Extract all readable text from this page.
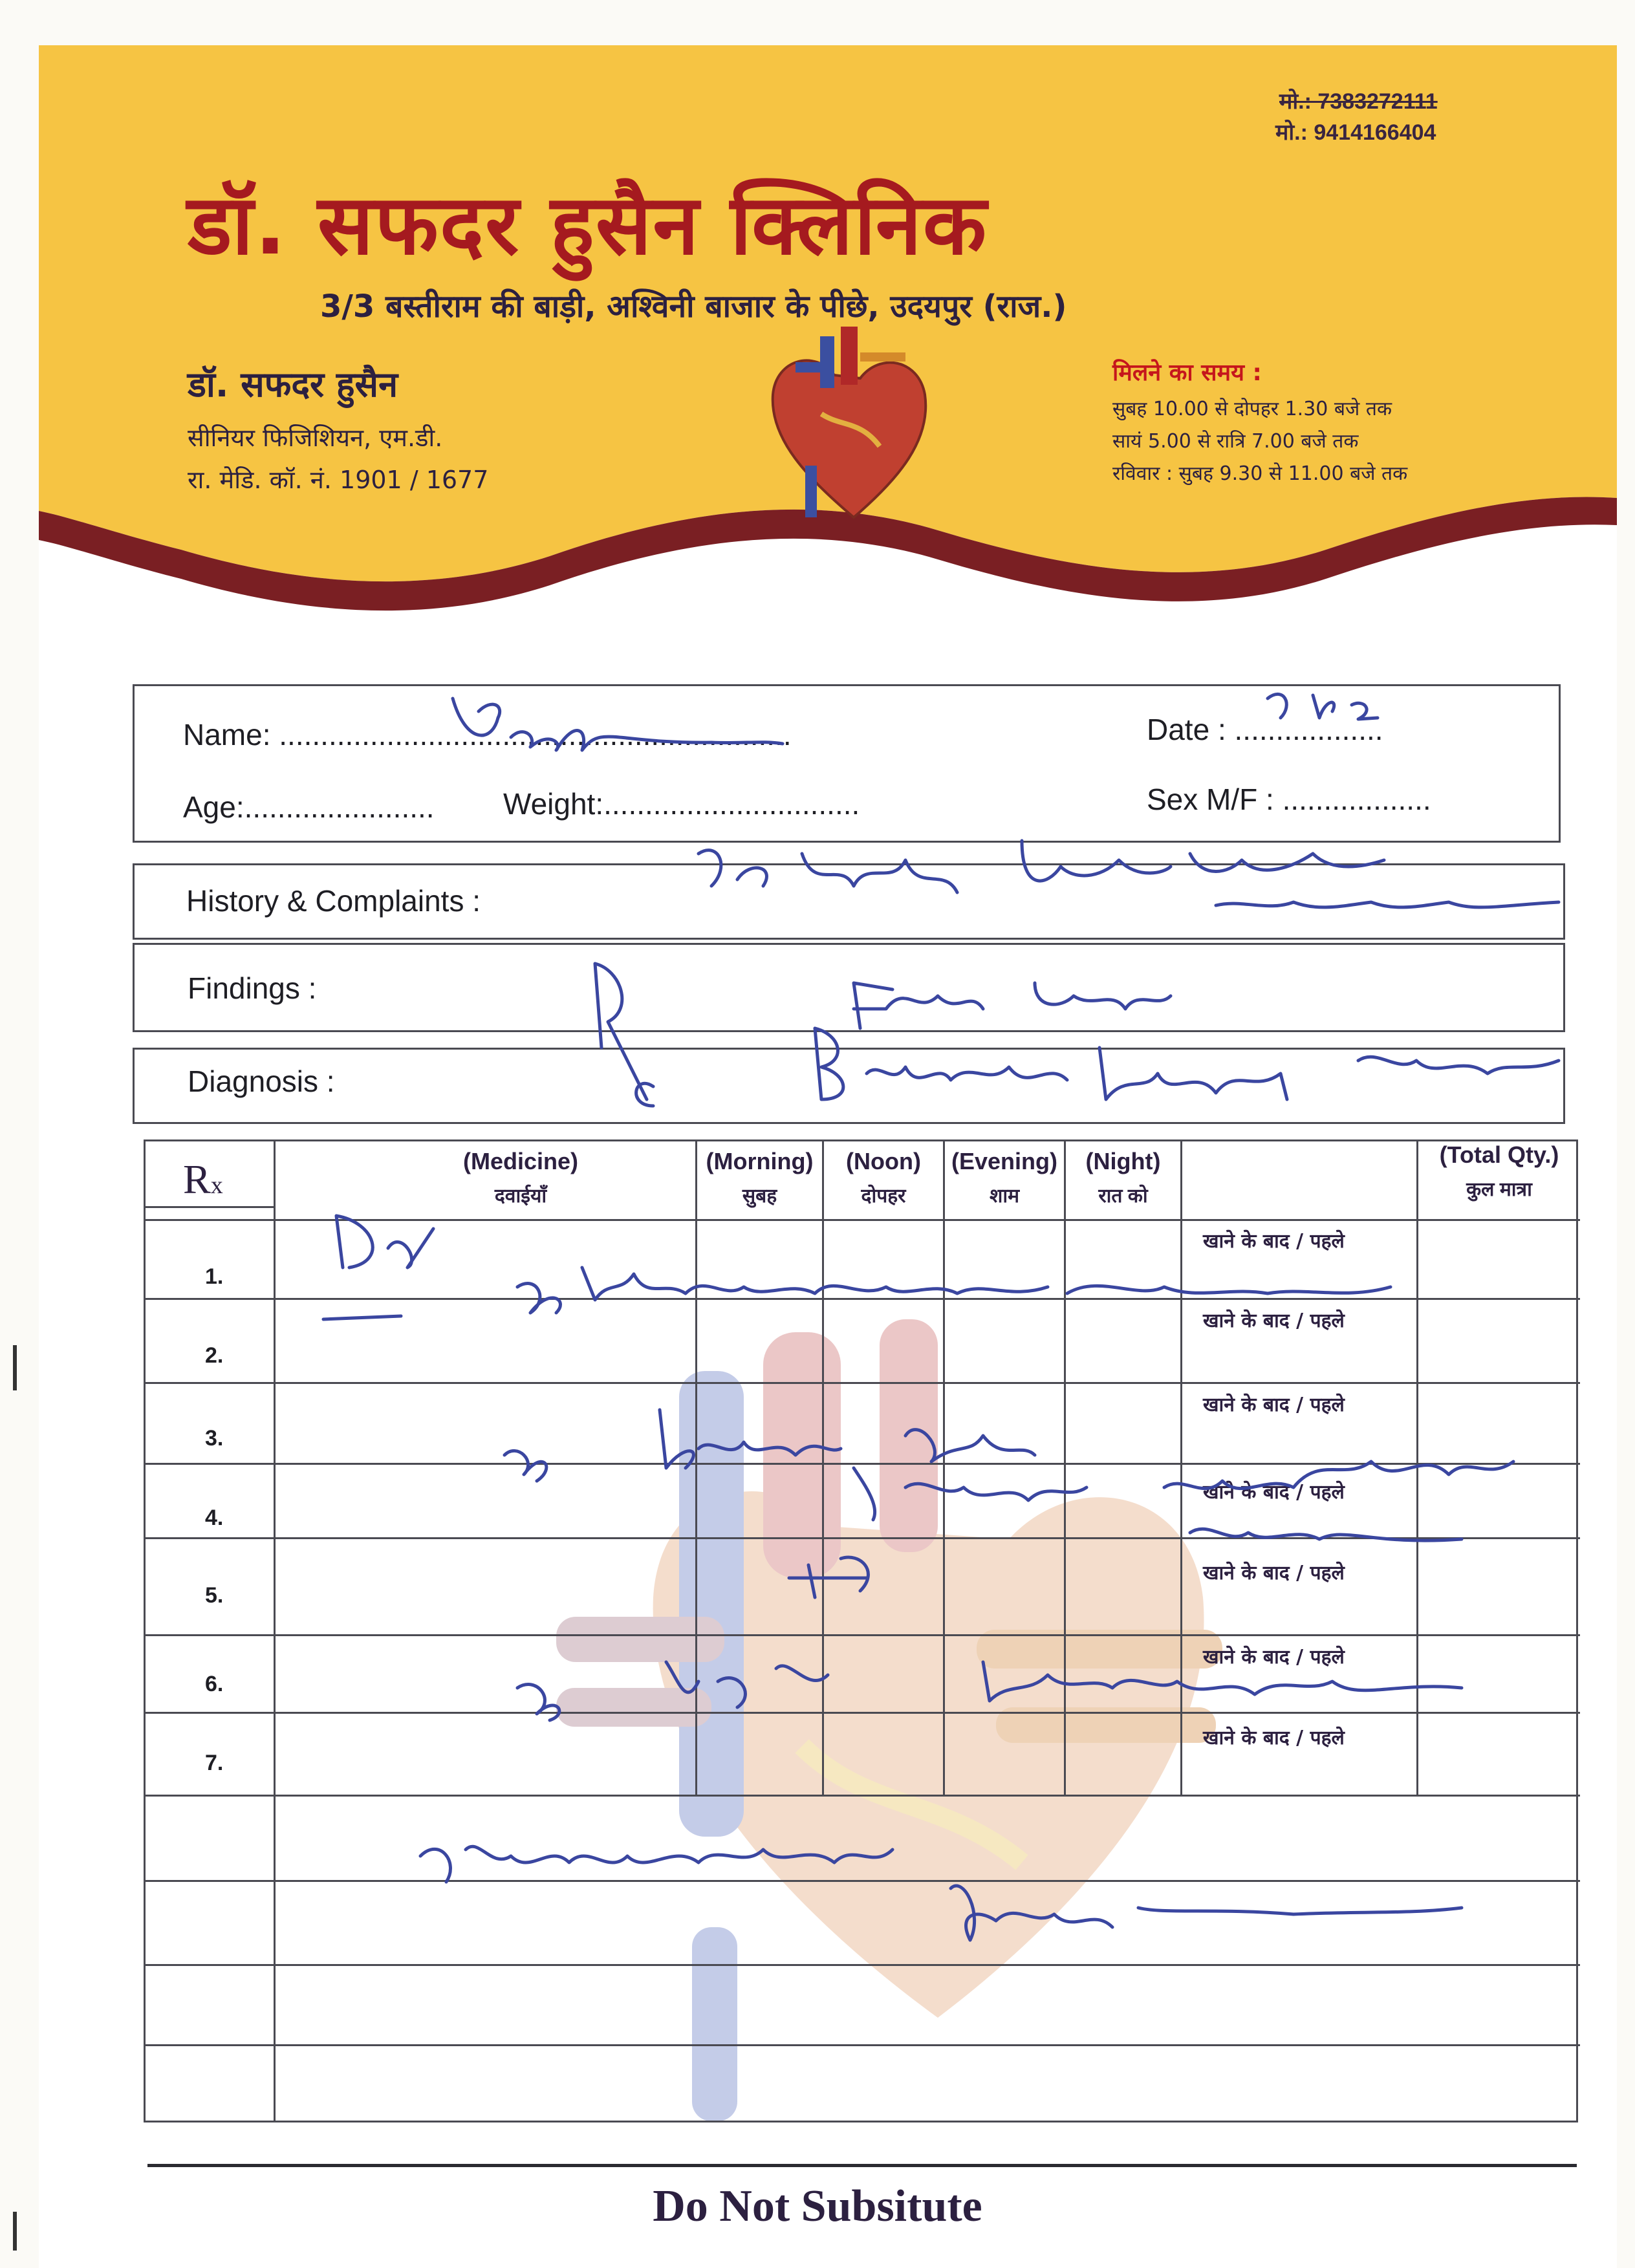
मो.: 7383272111
मो.: 9414166404
डॉ. सफदर हुसैन क्लिनिक
3/3 बस्तीराम की बाड़ी, अश्विनी बाजार के पीछे, उदयपुर (राज.)
डॉ. सफदर हुसैन
सीनियर फिजिशियन, एम.डी.
रा. मेडि. कॉ. नं. 1901 / 1677
मिलने का समय :
सुबह 10.00 से दोपहर 1.30 बजे तक
सायं 5.00 से रात्रि 7.00 बजे तक
रविवार : सुबह 9.30 से 11.00 बजे तक
Name: ..............................................................	Date : ..................
Age:....................... Weight:...............................	Sex M/F : ..................
History & Complaints :
Findings :
Diagnosis :
Rx
(Medicine)
दवाईयाँ
(Morning)
सुबह
(Noon)
दोपहर
(Evening)
शाम
(Night)
रात को
(Total Qty.)
कुल मात्रा
1.
2.
3.
4.
5.
6.
7.
खाने के बाद / पहले
खाने के बाद / पहले
खाने के बाद / पहले
खाने के बाद / पहले
खाने के बाद / पहले
खाने के बाद / पहले
खाने के बाद / पहले
Do Not Subsitute
